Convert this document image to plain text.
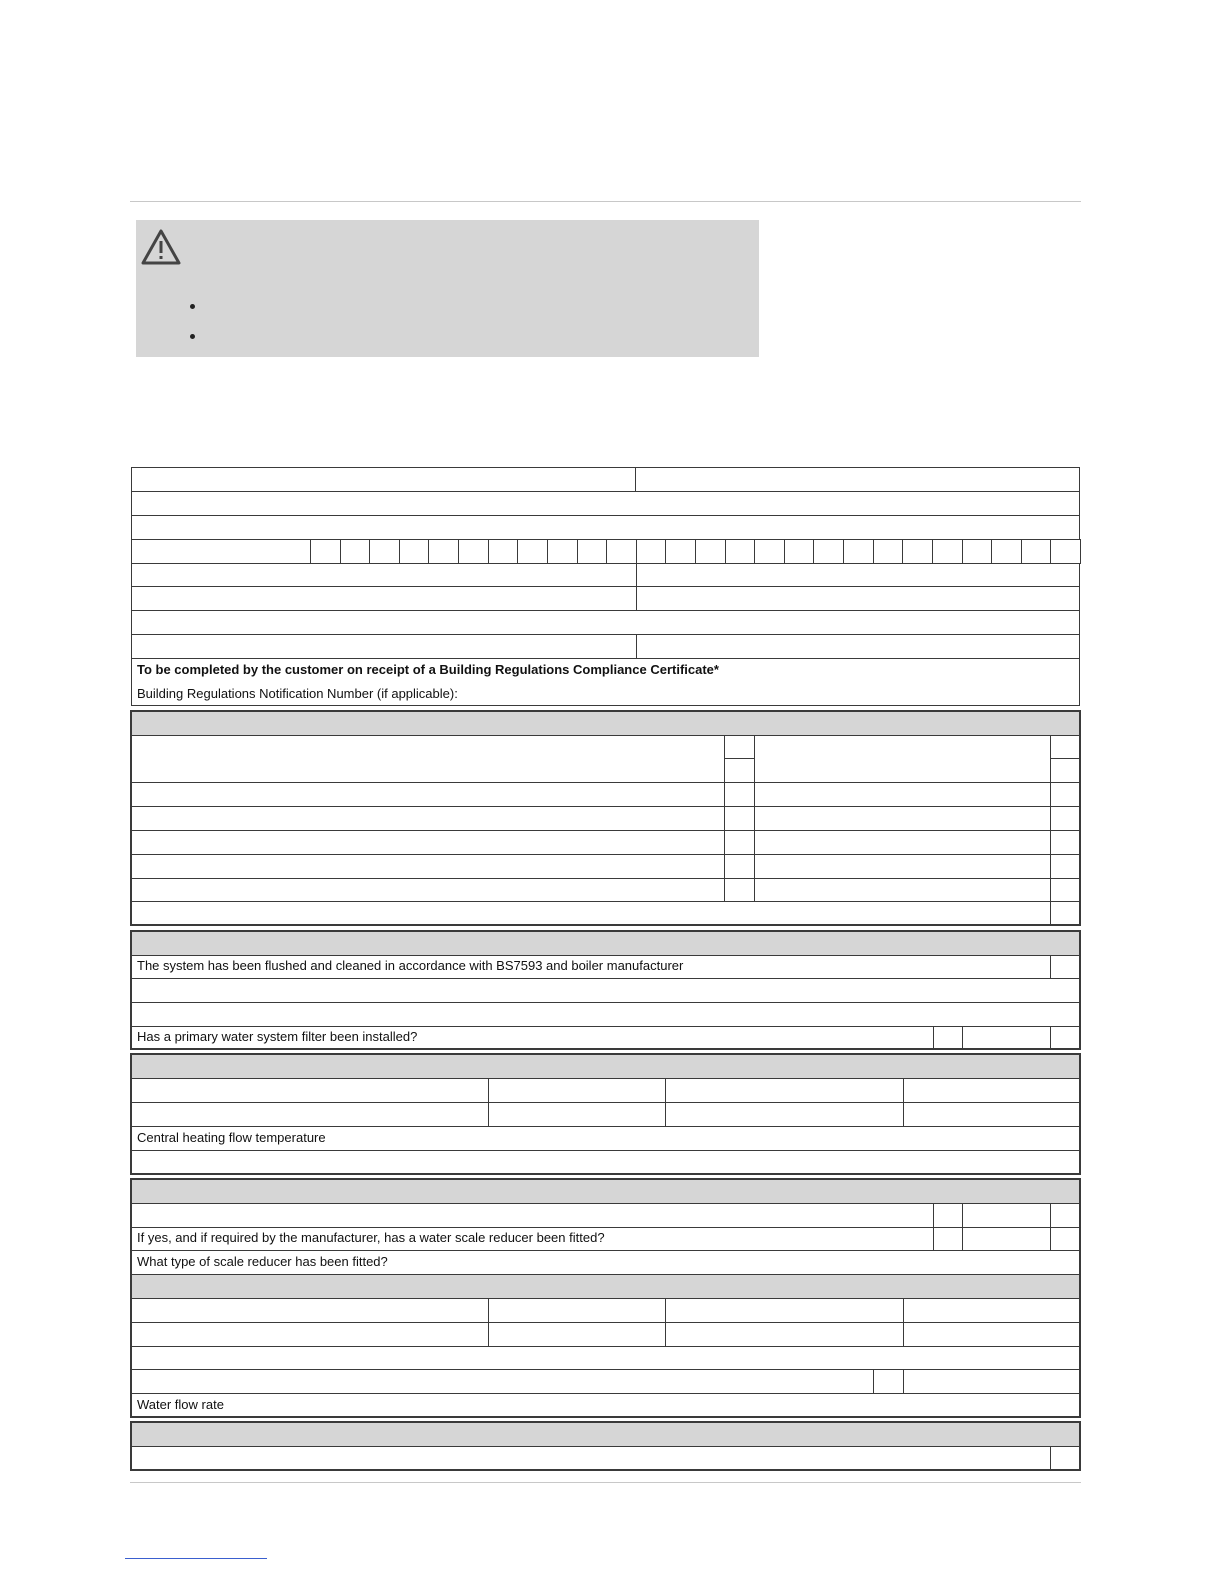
To be completed by the customer on receipt of a Building Regulations Compliance Certificate*
Building Regulations Notification Number (if applicable):
The system has been flushed and cleaned in accordance with BS7593 and boiler manufacturer
Has a primary water system filter been installed?
Central heating flow temperature
If yes, and if required by the manufacturer, has a water scale reducer been fitted?
What type of scale reducer has been fitted?
Water flow rate
